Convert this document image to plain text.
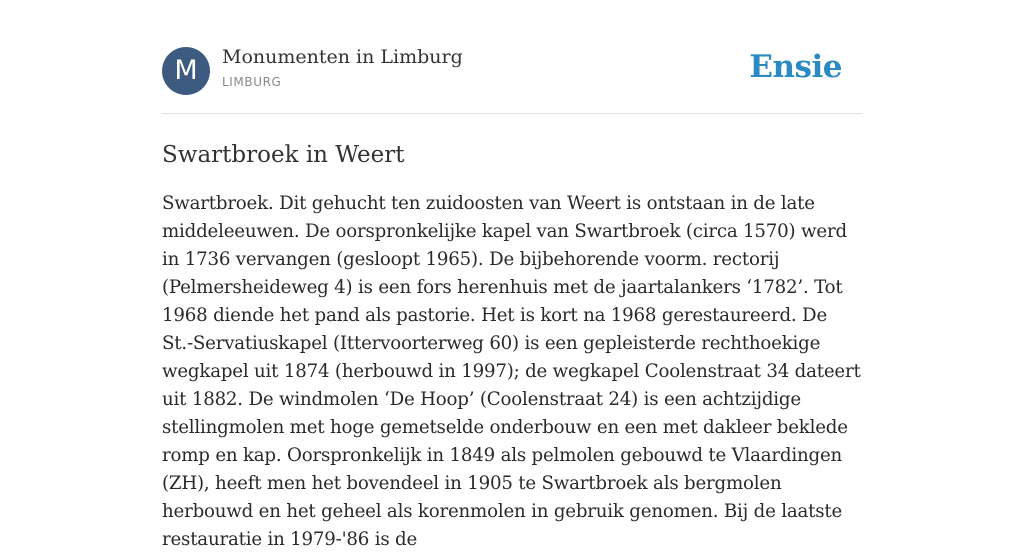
M	Monumenten in Limburg
LIMBURG	Ensie
Swartbroek in Weert

Swartbroek. Dit gehucht ten zuidoosten van Weert is ontstaan in de late middeleeuwen. De oorspronkelijke kapel van Swartbroek (circa 1570) werd in 1736 vervangen (gesloopt 1965). De bijbehorende voorm. rectorij (Pelmersheideweg 4) is een fors herenhuis met de jaartalankers ‘1782’. Tot 1968 diende het pand als pastorie. Het is kort na 1968 gerestaureerd. De St.-Servatiuskapel (Ittervoorterweg 60) is een gepleisterde rechthoekige wegkapel uit 1874 (herbouwd in 1997); de wegkapel Coolenstraat 34 dateert uit 1882. De windmolen ‘De Hoop’ (Coolenstraat 24) is een achtzijdige stellingmolen met hoge gemetselde onderbouw en een met dakleer beklede romp en kap. Oorspronkelijk in 1849 als pelmolen gebouwd te Vlaardingen (ZH), heeft men het bovendeel in 1905 te Swartbroek als bergmolen herbouwd en het geheel als korenmolen in gebruik genomen. Bij de laatste restauratie in 1979-'86 is de
